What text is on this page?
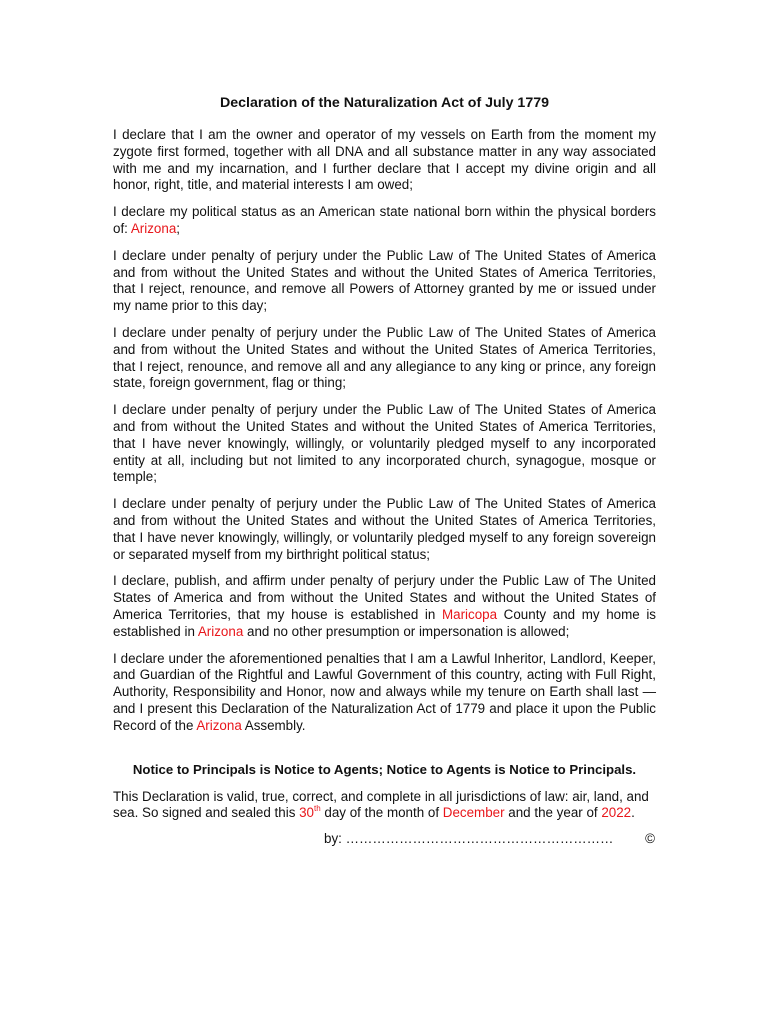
Declaration of the Naturalization Act of July 1779

I declare that I am the owner and operator of my vessels on Earth from the moment my zygote first formed, together with all DNA and all substance matter in any way associated with me and my incarnation, and I further declare that I accept my divine origin and all honor, right, title, and material interests I am owed;

I declare my political status as an American state national born within the physical borders of: Arizona;

I declare under penalty of perjury under the Public Law of The United States of America and from without the United States and without the United States of America Territories, that I reject, renounce, and remove all Powers of Attorney granted by me or issued under my name prior to this day;

I declare under penalty of perjury under the Public Law of The United States of America and from without the United States and without the United States of America Territories, that I reject, renounce, and remove all and any allegiance to any king or prince, any foreign state, foreign government, flag or thing;

I declare under penalty of perjury under the Public Law of The United States of America and from without the United States and without the United States of America Territories, that I have never knowingly, willingly, or voluntarily pledged myself to any incorporated entity at all, including but not limited to any incorporated church, synagogue, mosque or temple;

I declare under penalty of perjury under the Public Law of The United States of America and from without the United States and without the United States of America Territories, that I have never knowingly, willingly, or voluntarily pledged myself to any foreign sovereign or separated myself from my birthright political status;

I declare, publish, and affirm under penalty of perjury under the Public Law of The United States of America and from without the United States and without the United States of America Territories, that my house is established in Maricopa County and my home is established in Arizona and no other presumption or impersonation is allowed;

I declare under the aforementioned penalties that I am a Lawful Inheritor, Landlord, Keeper, and Guardian of the Rightful and Lawful Government of this country, acting with Full Right, Authority, Responsibility and Honor, now and always while my tenure on Earth shall last — and I present this Declaration of the Naturalization Act of 1779 and place it upon the Public Record of the Arizona Assembly.

Notice to Principals is Notice to Agents; Notice to Agents is Notice to Principals.

This Declaration is valid, true, correct, and complete in all jurisdictions of law: air, land, and sea. So signed and sealed this 30th day of the month of December and the year of 2022.

by: …………………………………………………… ©
